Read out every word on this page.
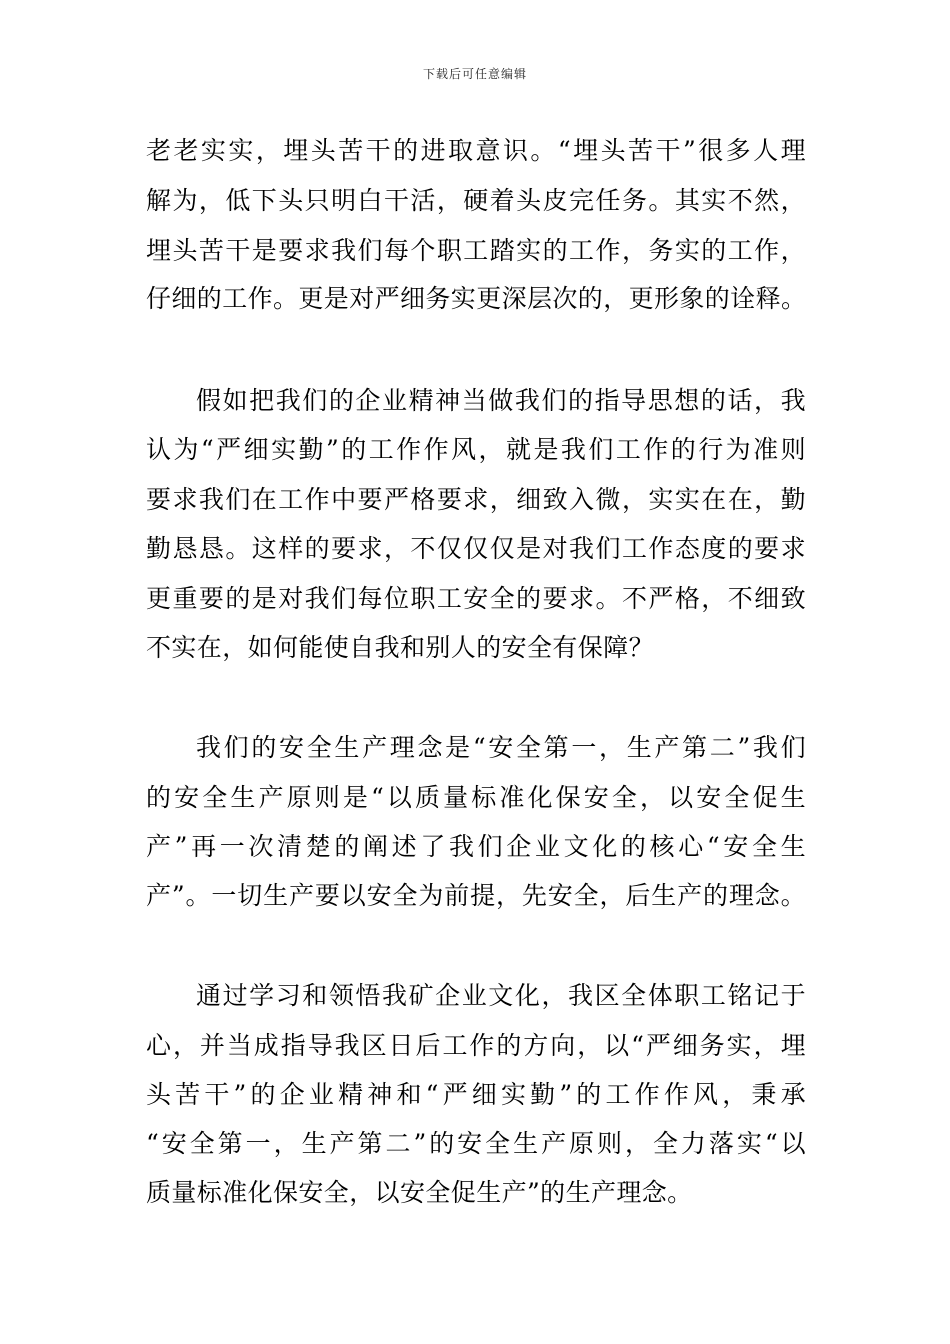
下载后可任意编辑
老老实实，埋头苦干的进取意识。“埋头苦干”很多人理
解为，低下头只明白干活，硬着头皮完任务。其实不然，
埋头苦干是要求我们每个职工踏实的工作，务实的工作，
仔细的工作。更是对严细务实更深层次的，更形象的诠释。
假如把我们的企业精神当做我们的指导思想的话，我
认为“严细实勤”的工作作风，就是我们工作的行为准则
要求我们在工作中要严格要求，细致入微，实实在在，勤
勤恳恳。这样的要求，不仅仅仅是对我们工作态度的要求
更重要的是对我们每位职工安全的要求。不严格，不细致
不实在，如何能使自我和别人的安全有保障？
我们的安全生产理念是“安全第一，生产第二”我们
的安全生产原则是“以质量标准化保安全，以安全促生
产”再一次清楚的阐述了我们企业文化的核心“安全生
产”。一切生产要以安全为前提，先安全，后生产的理念。
通过学习和领悟我矿企业文化，我区全体职工铭记于
心，并当成指导我区日后工作的方向，以“严细务实，埋
头苦干”的企业精神和“严细实勤”的工作作风，秉承
“安全第一，生产第二”的安全生产原则，全力落实“以
质量标准化保安全，以安全促生产”的生产理念。
